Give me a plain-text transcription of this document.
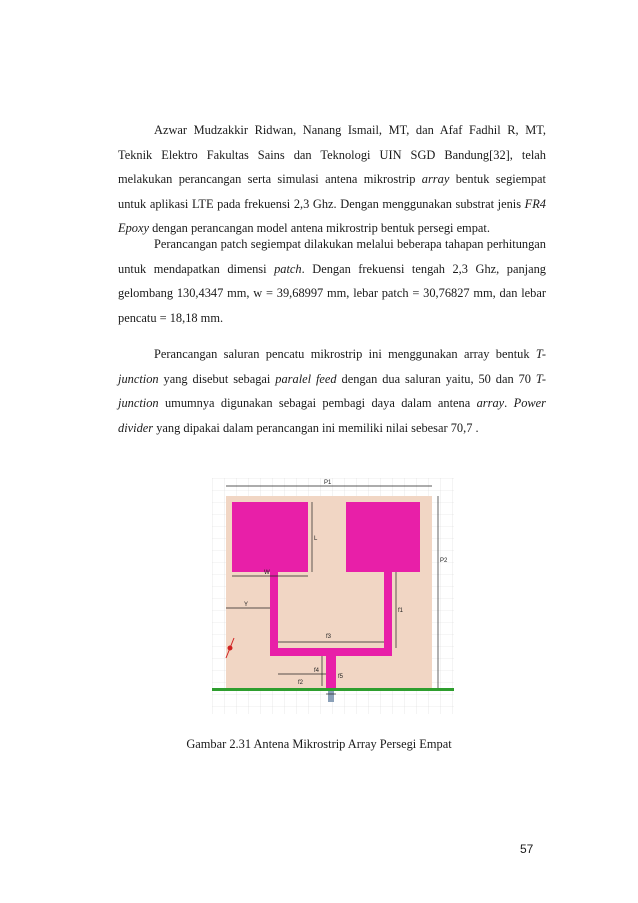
Azwar Mudzakkir Ridwan, Nanang Ismail, MT, dan Afaf Fadhil R, MT, Teknik Elektro Fakultas Sains dan Teknologi UIN SGD Bandung[32], telah melakukan perancangan serta simulasi antena mikrostrip array bentuk segiempat untuk aplikasi LTE pada frekuensi 2,3 Ghz. Dengan menggunakan substrat jenis FR4 Epoxy dengan perancangan model antena mikrostrip bentuk persegi empat.
Perancangan patch segiempat dilakukan melalui beberapa tahapan perhitungan untuk mendapatkan dimensi patch. Dengan frekuensi tengah 2,3 Ghz, panjang gelombang 130,4347 mm, w = 39,68997 mm, lebar patch = 30,76827 mm, dan lebar pencatu = 18,18 mm.
Perancangan saluran pencatu mikrostrip ini menggunakan array bentuk T-junction yang disebut sebagai paralel feed dengan dua saluran yaitu, 50 dan 70 T-junction umumnya digunakan sebagai pembagi daya dalam antena array. Power divider yang dipakai dalam perancangan ini memiliki nilai sebesar 70,7 .
P1
P2
L
W
Y
f1
f2
f3
f4
f5
Gambar 2.31 Antena Mikrostrip Array Persegi Empat
57
